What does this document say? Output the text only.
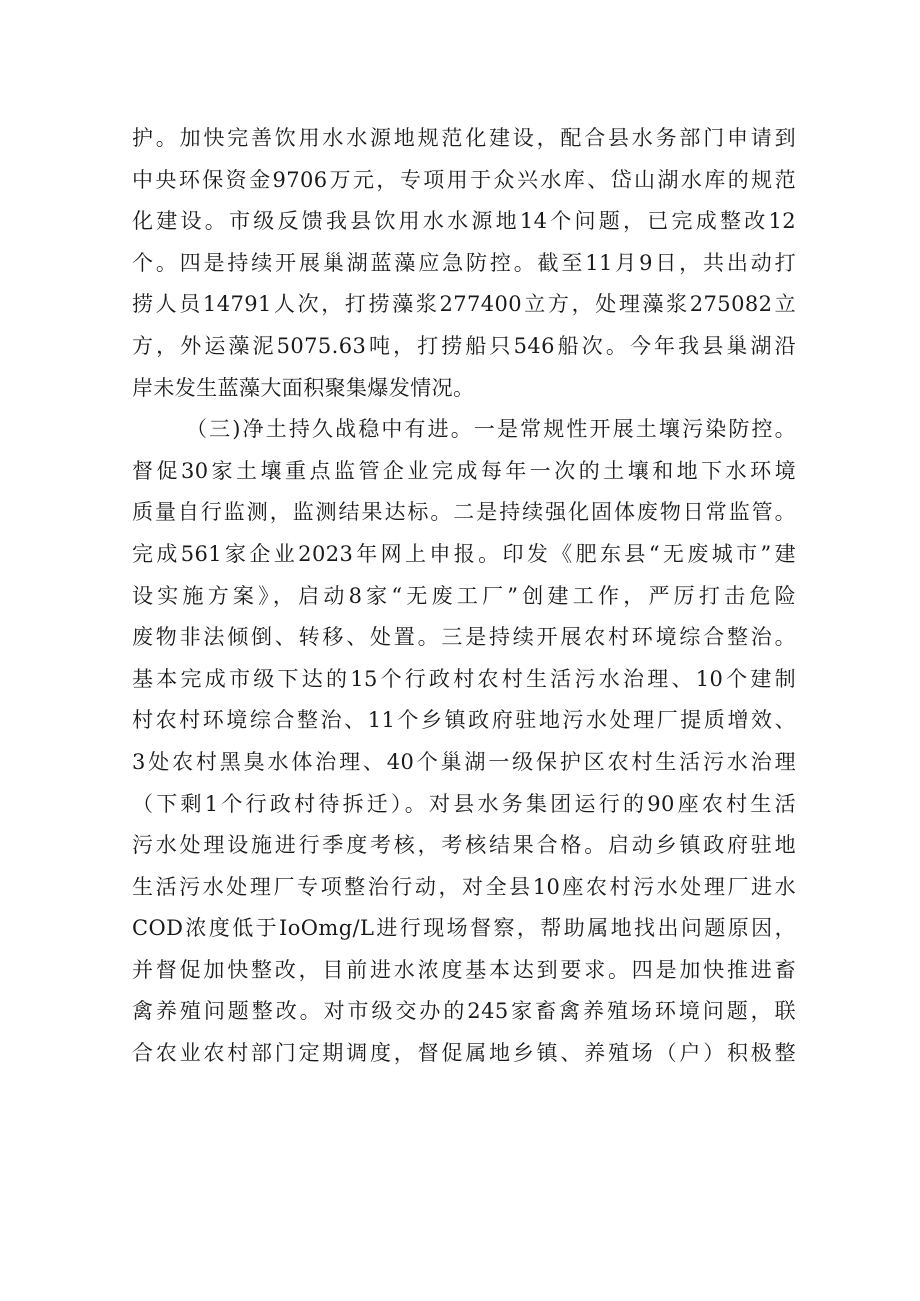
护。加快完善饮用水水源地规范化建设，配合县水务部门申请到
中央环保资金9706万元，专项用于众兴水库、岱山湖水库的规范
化建设。市级反馈我县饮用水水源地14个问题，已完成整改12
个。四是持续开展巢湖蓝藻应急防控。截至11月9日，共出动打
捞人员14791人次，打捞藻浆277400立方，处理藻浆275082立
方，外运藻泥5075.63吨，打捞船只546船次。今年我县巢湖沿
岸未发生蓝藻大面积聚集爆发情况。
（三)净土持久战稳中有进。一是常规性开展土壤污染防控。
督促30家土壤重点监管企业完成每年一次的土壤和地下水环境
质量自行监测，监测结果达标。二是持续强化固体废物日常监管。
完成561家企业2023年网上申报。印发《肥东县“无废城市”建
设实施方案》，启动8家“无废工厂”创建工作，严厉打击危险
废物非法倾倒、转移、处置。三是持续开展农村环境综合整治。
基本完成市级下达的15个行政村农村生活污水治理、10个建制
村农村环境综合整治、11个乡镇政府驻地污水处理厂提质增效、
3处农村黑臭水体治理、40个巢湖一级保护区农村生活污水治理
（下剩1个行政村待拆迁）。对县水务集团运行的90座农村生活
污水处理设施进行季度考核，考核结果合格。启动乡镇政府驻地
生活污水处理厂专项整治行动，对全县10座农村污水处理厂进水
COD浓度低于IoOmg/L进行现场督察，帮助属地找出问题原因，
并督促加快整改，目前进水浓度基本达到要求。四是加快推进畜
禽养殖问题整改。对市级交办的245家畜禽养殖场环境问题，联
合农业农村部门定期调度，督促属地乡镇、养殖场（户）积极整
